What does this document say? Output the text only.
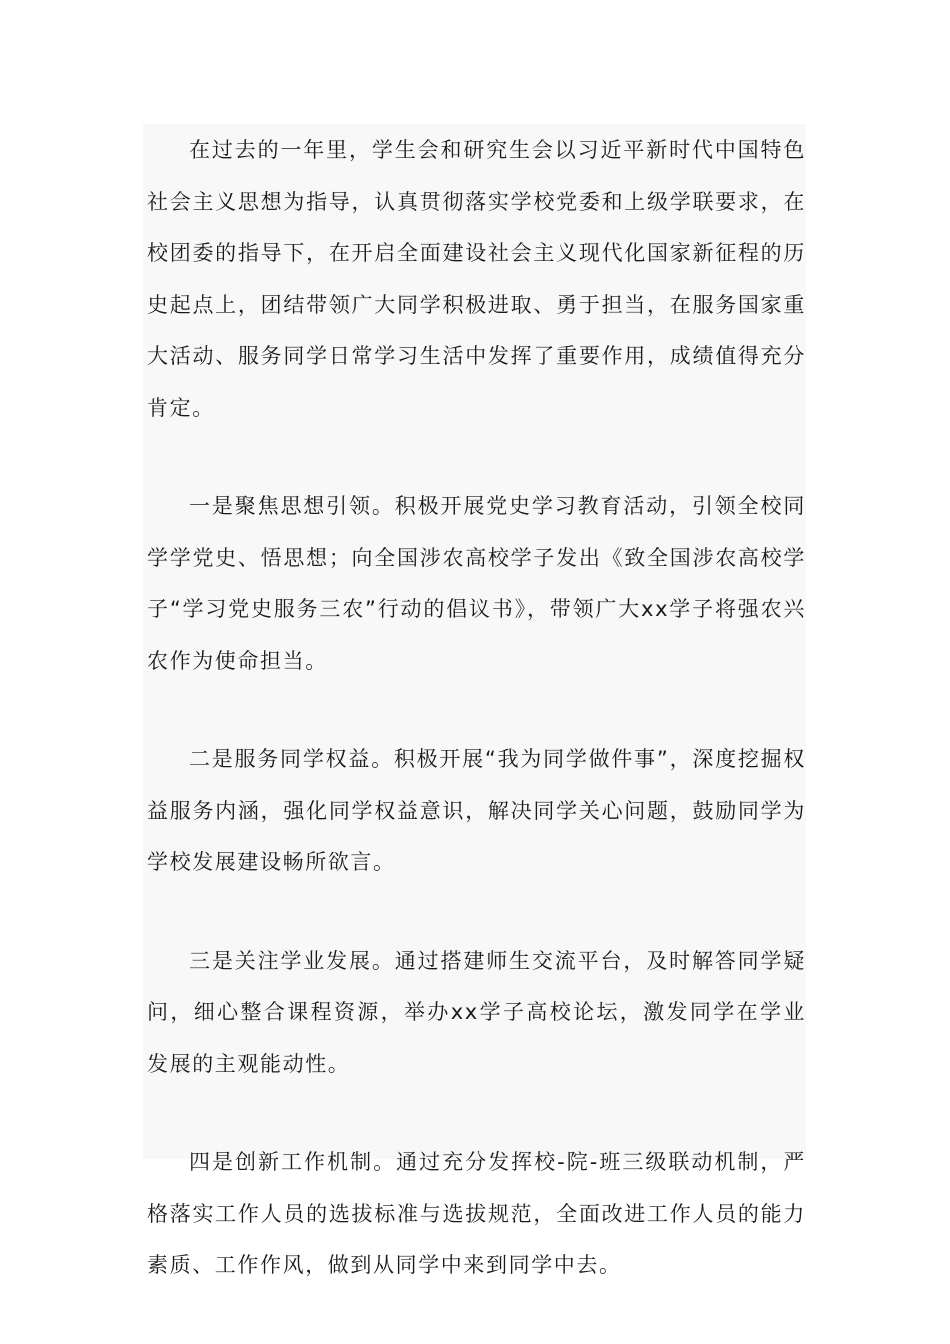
在过去的一年里，学生会和研究生会以习近平新时代中国特色社会主义思想为指导，认真贯彻落实学校党委和上级学联要求，在校团委的指导下，在开启全面建设社会主义现代化国家新征程的历史起点上，团结带领广大同学积极进取、勇于担当，在服务国家重大活动、服务同学日常学习生活中发挥了重要作用，成绩值得充分肯定。

一是聚焦思想引领。积极开展党史学习教育活动，引领全校同学学党史、悟思想；向全国涉农高校学子发出《致全国涉农高校学子“学习党史服务三农”行动的倡议书》，带领广大xx学子将强农兴农作为使命担当。

二是服务同学权益。积极开展“我为同学做件事”，深度挖掘权益服务内涵，强化同学权益意识，解决同学关心问题，鼓励同学为学校发展建设畅所欲言。

三是关注学业发展。通过搭建师生交流平台，及时解答同学疑问，细心整合课程资源，举办xx学子高校论坛，激发同学在学业发展的主观能动性。

四是创新工作机制。通过充分发挥校-院-班三级联动机制，严格落实工作人员的选拔标准与选拔规范，全面改进工作人员的能力素质、工作作风，做到从同学中来到同学中去。
